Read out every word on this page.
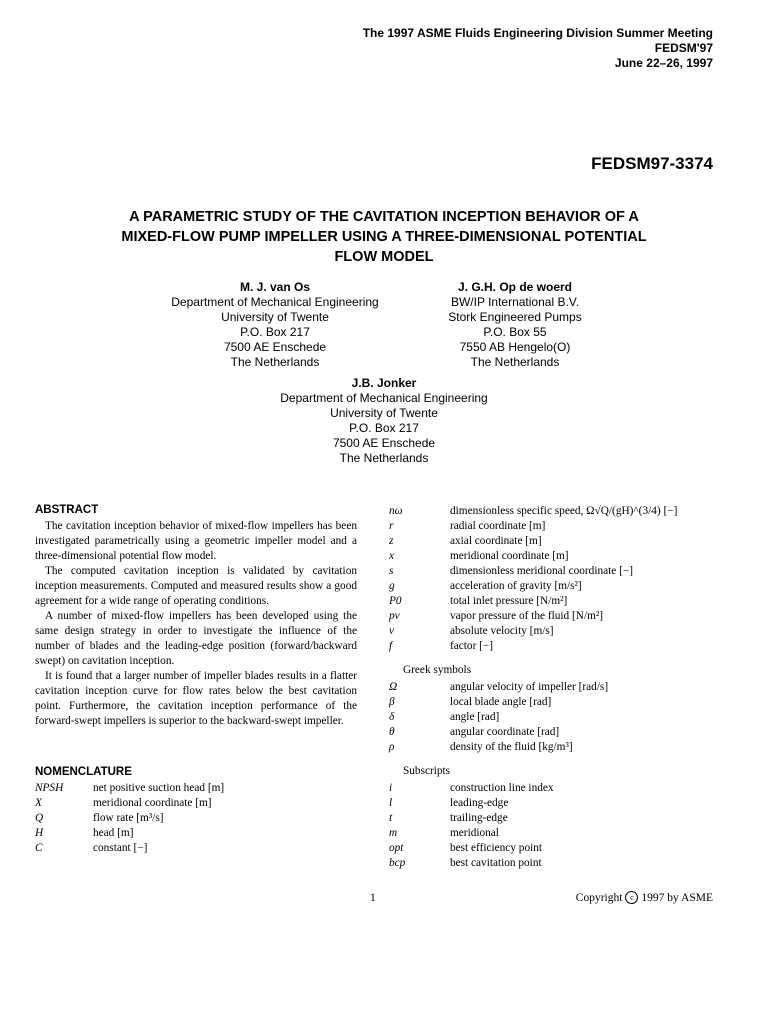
The 1997 ASME Fluids Engineering Division Summer Meeting
FEDSM'97
June 22–26, 1997
FEDSM97-3374
A PARAMETRIC STUDY OF THE CAVITATION INCEPTION BEHAVIOR OF A
MIXED-FLOW PUMP IMPELLER USING A THREE-DIMENSIONAL POTENTIAL
FLOW MODEL
M. J. van Os
Department of Mechanical Engineering
University of Twente
P.O. Box 217
7500 AE Enschede
The Netherlands
J. G.H. Op de woerd
BW/IP International B.V.
Stork Engineered Pumps
P.O. Box 55
7550 AB Hengelo(O)
The Netherlands
J.B. Jonker
Department of Mechanical Engineering
University of Twente
P.O. Box 217
7500 AE Enschede
The Netherlands
ABSTRACT

The cavitation inception behavior of mixed-flow impellers has been investigated parametrically using a geometric impeller model and a three-dimensional potential flow model.

The computed cavitation inception is validated by cavitation inception measurements. Computed and measured results show a good agreement for a wide range of operating conditions.

A number of mixed-flow impellers has been developed using the same design strategy in order to investigate the influence of the number of blades and the leading-edge position (forward/backward swept) on cavitation inception.

It is found that a larger number of impeller blades results in a flatter cavitation inception curve for flow rates below the best cavitation point. Furthermore, the cavitation inception performance of the forward-swept impellers is superior to the backward-swept impeller.

NOMENCLATURE
NPSH	net positive suction head [m]
X	meridional coordinate [m]
Q	flow rate [m³/s]
H	head [m]
C	constant [−]
nω	dimensionless specific speed, Ω√Q/(gH)^(3/4) [−]
r	radial coordinate [m]
z	axial coordinate [m]
x	meridional coordinate [m]
s	dimensionless meridional coordinate [−]
g	acceleration of gravity [m/s²]
P0	total inlet pressure [N/m²]
pv	vapor pressure of the fluid [N/m²]
v	absolute velocity [m/s]
f	factor [−]
Greek symbols
Ω	angular velocity of impeller [rad/s]
β	local blade angle [rad]
δ	angle [rad]
θ	angular coordinate [rad]
ρ	density of the fluid [kg/m³]
Subscripts
i	construction line index
l	leading-edge
t	trailing-edge
m	meridional
opt	best efficiency point
bcp	best cavitation point
1	Copyright c 1997 by ASME
